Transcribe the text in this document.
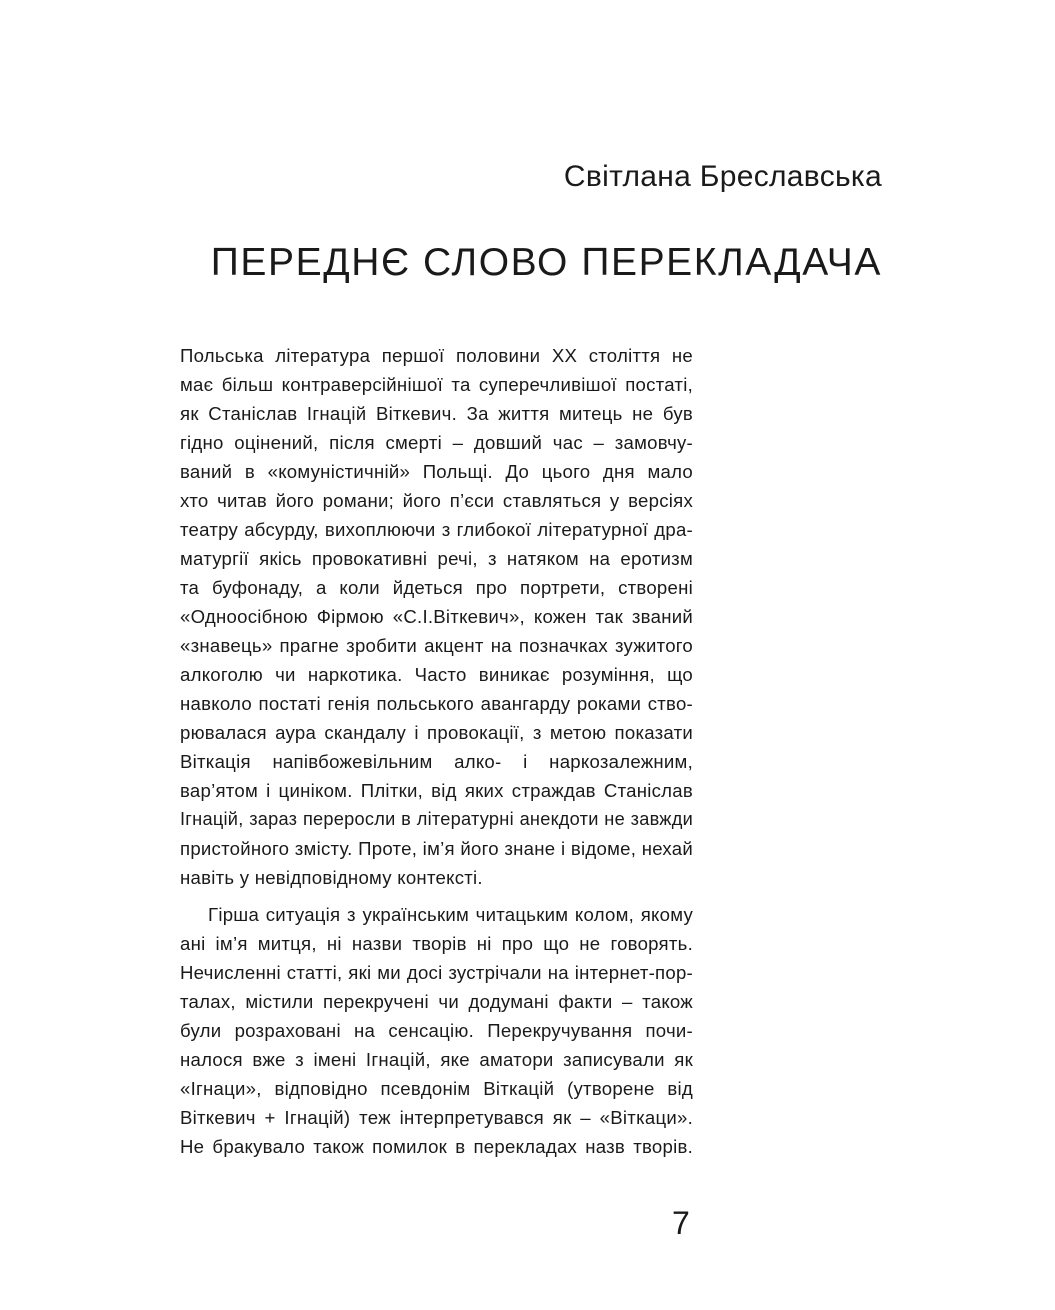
Світлана Бреславська
ПЕРЕДНЄ СЛОВО ПЕРЕКЛАДАЧА
Польська література першої половини ХХ століття не
має більш контраверсійнішої та суперечливішої постаті,
як Станіслав Ігнацій Віткевич. За життя митець не був
гідно оцінений, після смерті – довший час – замовчу-
ваний в «комуністичній» Польщі. До цього дня мало
хто читав його романи; його п’єси ставляться у версіях
театру абсурду, вихоплюючи з глибокої літературної дра-
матургії якісь провокативні речі, з натяком на еротизм
та буфонаду, а коли йдеться про портрети, створені
«Одноосібною Фірмою «С.І.Віткевич», кожен так званий
«знавець» прагне зробити акцент на позначках зужитого
алкоголю чи наркотика. Часто виникає розуміння, що
навколо постаті генія польського авангарду роками ство-
рювалася аура скандалу і провокації, з метою показати
Віткація напівбожевільним алко- і наркозалежним,
вар’ятом і циніком. Плітки, від яких страждав Станіслав
Ігнацій, зараз переросли в літературні анекдоти не завжди
пристойного змісту. Проте, ім’я його знане і відоме, нехай
навіть у невідповідному контексті.
Гірша ситуація з українським читацьким колом, якому
ані ім’я митця, ні назви творів ні про що не говорять.
Нечисленні статті, які ми досі зустрічали на інтернет-пор-
талах, містили перекручені чи додумані факти – також
були розраховані на сенсацію. Перекручування почи-
налося вже з імені Ігнацій, яке аматори записували як
«Ігнаци», відповідно псевдонім Віткацій (утворене від
Віткевич + Ігнацій) теж інтерпретувався як – «Віткаци».
Не бракувало також помилок в перекладах назв творів.
7
